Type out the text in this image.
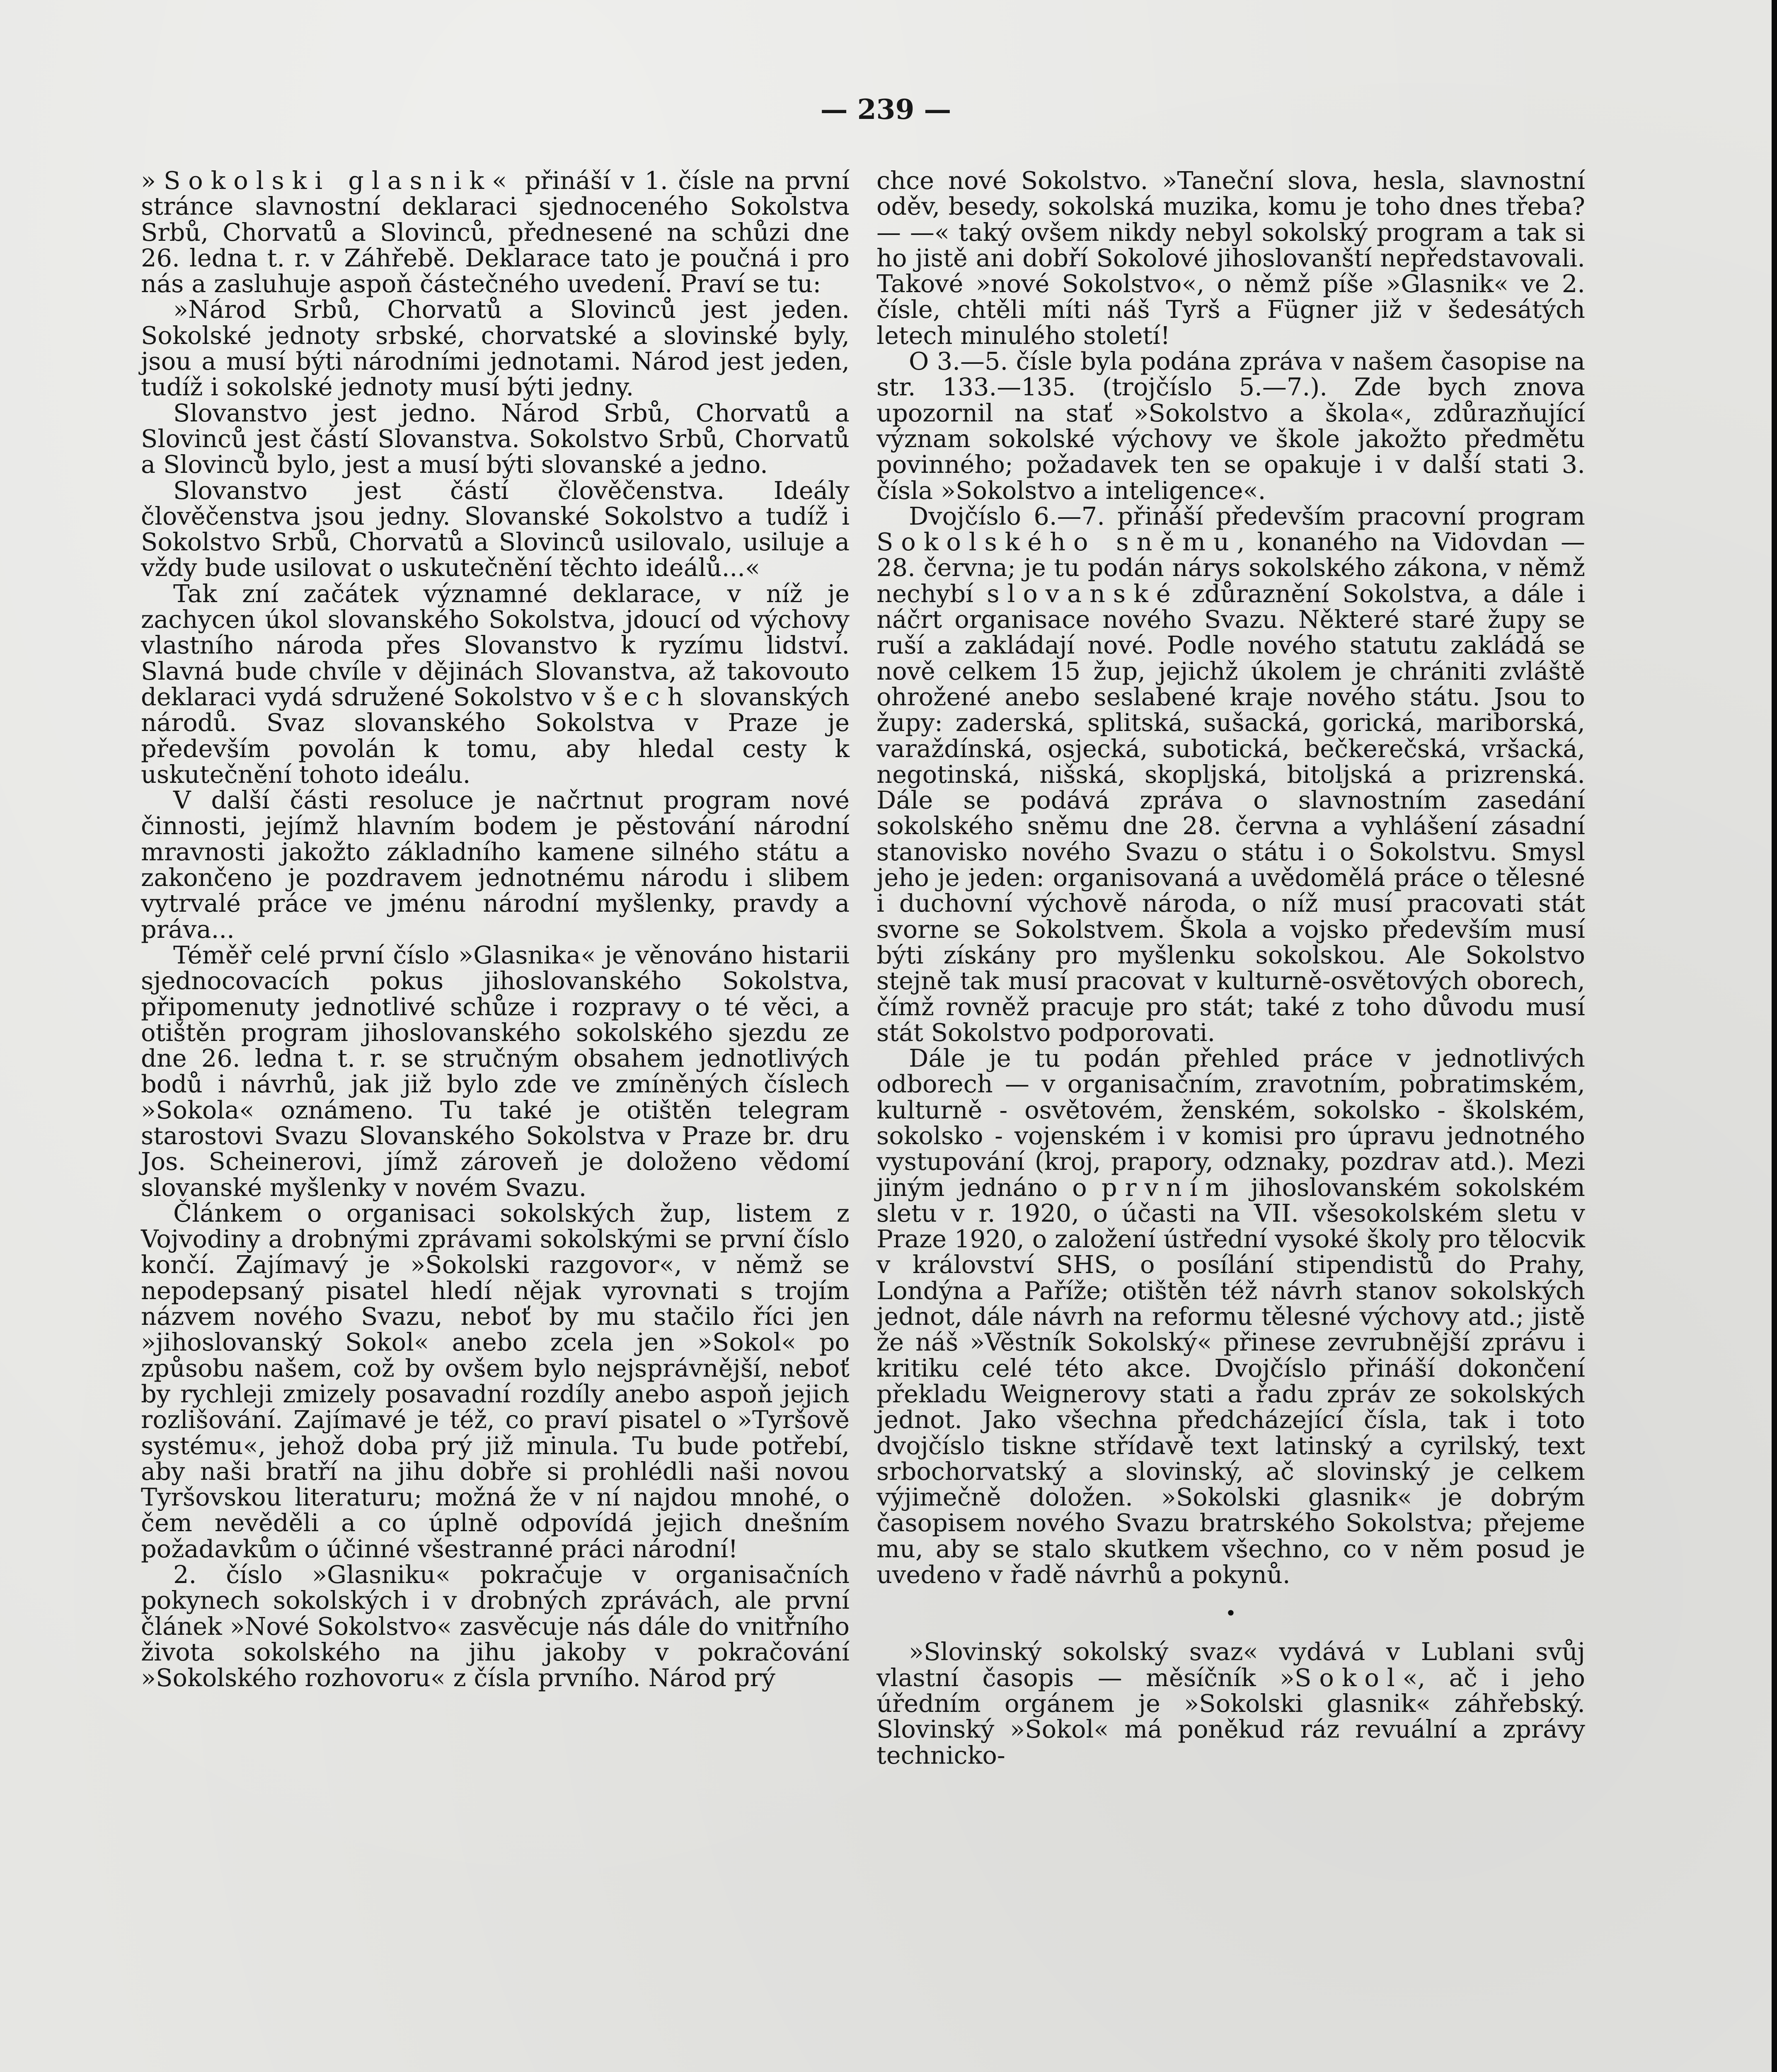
— 239 —

»Sokolski glasnik« přináší v 1. čísle na první stránce slavnostní deklaraci sjednoceného Sokolstva Srbů, Chorvatů a Slovinců, přednesené na schůzi dne 26. ledna t. r. v Záhřebě. Deklarace tato je poučná i pro nás a zasluhuje aspoň částečného uvedení. Praví se tu:

»Národ Srbů, Chorvatů a Slovinců jest jeden. Sokolské jednoty srbské, chorvatské a slovinské byly, jsou a musí býti národními jednotami. Národ jest jeden, tudíž i sokolské jednoty musí býti jedny.

Slovanstvo jest jedno. Národ Srbů, Chorvatů a Slovinců jest částí Slovanstva. Sokolstvo Srbů, Chorvatů a Slovinců bylo, jest a musí býti slovanské a jedno.

Slovanstvo jest částí člověčenstva. Ideály člověčenstva jsou jedny. Slovanské Sokolstvo a tudíž i Sokolstvo Srbů, Chorvatů a Slovinců usilovalo, usiluje a vždy bude usilovat o uskutečnění těchto ideálů...«

Tak zní začátek významné deklarace, v níž je zachycen úkol slovanského Sokolstva, jdoucí od výchovy vlastního národa přes Slovanstvo k ryzímu lidství. Slavná bude chvíle v dějinách Slovanstva, až takovouto deklaraci vydá sdružené Sokolstvo všech slovanských národů. Svaz slovanského Sokolstva v Praze je především povolán k tomu, aby hledal cesty k uskutečnění tohoto ideálu.

V další části resoluce je načrtnut program nové činnosti, jejímž hlavním bodem je pěstování národní mravnosti jakožto základního kamene silného státu a zakončeno je pozdravem jednotnému národu i slibem vytrvalé práce ve jménu národní myšlenky, pravdy a práva...

Téměř celé první číslo »Glasnika« je věnováno histarii sjednocovacích pokus jihoslovanského Sokolstva, připomenuty jednotlivé schůze i rozpravy o té věci, a otištěn program jihoslovanského sokolského sjezdu ze dne 26. ledna t. r. se stručným obsahem jednotlivých bodů i návrhů, jak již bylo zde ve zmíněných číslech »Sokola« oznámeno. Tu také je otištěn telegram starostovi Svazu Slovanského Sokolstva v Praze br. dru Jos. Scheinerovi, jímž zároveň je doloženo vědomí slovanské myšlenky v novém Svazu.

Článkem o organisaci sokolských žup, listem z Vojvodiny a drobnými zprávami sokolskými se první číslo končí. Zajímavý je »Sokolski razgovor«, v němž se nepodepsaný pisatel hledí nějak vyrovnati s trojím názvem nového Svazu, neboť by mu stačilo říci jen »jihoslovanský Sokol« anebo zcela jen »Sokol« po způsobu našem, což by ovšem bylo nejsprávnější, neboť by rychleji zmizely posavadní rozdíly anebo aspoň jejich rozlišování. Zajímavé je též, co praví pisatel o »Tyršově systému«, jehož doba prý již minula. Tu bude potřebí, aby naši bratří na jihu dobře si prohlédli naši novou Tyršovskou literaturu; možná že v ní najdou mnohé, o čem nevěděli a co úplně odpovídá jejich dnešním požadavkům o účinné všestranné práci národní!

2. číslo »Glasniku« pokračuje v organisačních pokynech sokolských i v drobných zprávách, ale první článek »Nové Sokolstvo« zasvěcuje nás dále do vnitřního života sokolského na jihu jakoby v pokračování »Sokolského rozhovoru« z čísla prvního. Národ prý

chce nové Sokolstvo. »Taneční slova, hesla, slavnostní oděv, besedy, sokolská muzika, komu je toho dnes třeba? — —« taký ovšem nikdy nebyl sokolský program a tak si ho jistě ani dobří Sokolové jihoslovanští nepředstavovali. Takové »nové Sokolstvo«, o němž píše »Glasnik« ve 2. čísle, chtěli míti náš Tyrš a Fügner již v šedesátých letech minulého století!

O 3.—5. čísle byla podána zpráva v našem časopise na str. 133.—135. (trojčíslo 5.—7.). Zde bych znova upozornil na stať »Sokolstvo a škola«, zdůrazňující význam sokolské výchovy ve škole jakožto předmětu povinného; požadavek ten se opakuje i v další stati 3. čísla »Sokolstvo a inteligence«.

Dvojčíslo 6.—7. přináší především pracovní program Sokolského sněmu, konaného na Vidovdan — 28. června; je tu podán nárys sokolského zákona, v němž nechybí slovanské zdůraznění Sokolstva, a dále i náčrt organisace nového Svazu. Některé staré župy se ruší a zakládají nové. Podle nového statutu zakládá se nově celkem 15 žup, jejichž úkolem je chrániti zvláště ohrožené anebo seslabené kraje nového státu. Jsou to župy: zaderská, splitská, sušacká, gorická, mariborská, varaždínská, osjecká, subotická, bečkerečská, vršacká, negotinská, nišská, skopljská, bitoljská a prizrenská. Dále se podává zpráva o slavnostním zasedání sokolského sněmu dne 28. června a vyhlášení zásadní stanovisko nového Svazu o státu i o Sokolstvu. Smysl jeho je jeden: organisovaná a uvědomělá práce o tělesné i duchovní výchově národa, o níž musí pracovati stát svorne se Sokolstvem. Škola a vojsko především musí býti získány pro myšlenku sokolskou. Ale Sokolstvo stejně tak musí pracovat v kulturně-osvětových oborech, čímž rovněž pracuje pro stát; také z toho důvodu musí stát Sokolstvo podporovati.

Dále je tu podán přehled práce v jednotlivých odborech — v organisačním, zravotním, pobratimském, kulturně - osvětovém, ženském, sokolsko - školském, sokolsko - vojenském i v komisi pro úpravu jednotného vystupování (kroj, prapory, odznaky, pozdrav atd.). Mezi jiným jednáno o prvním jihoslovanském sokolském sletu v r. 1920, o účasti na VII. všesokolském sletu v Praze 1920, o založení ústřední vysoké školy pro tělocvik v království SHS, o posílání stipendistů do Prahy, Londýna a Paříže; otištěn též návrh stanov sokolských jednot, dále návrh na reformu tělesné výchovy atd.; jistě že náš »Věstník Sokolský« přinese zevrubnější zprávu i kritiku celé této akce. Dvojčíslo přináší dokončení překladu Weignerovy stati a řadu zpráv ze sokolských jednot. Jako všechna předcházející čísla, tak i toto dvojčíslo tiskne střídavě text latinský a cyrilský, text srbochorvatský a slovinský, ač slovinský je celkem výjimečně doložen. »Sokolski glasnik« je dobrým časopisem nového Svazu bratrského Sokolstva; přejeme mu, aby se stalo skutkem všechno, co v něm posud je uvedeno v řadě návrhů a pokynů.

•

»Slovinský sokolský svaz« vydává v Lublani svůj vlastní časopis — měsíčník »Sokol«, ač i jeho úředním orgánem je »Sokolski glasnik« záhřebský. Slovinský »Sokol« má poněkud ráz revuální a zprávy technicko-
